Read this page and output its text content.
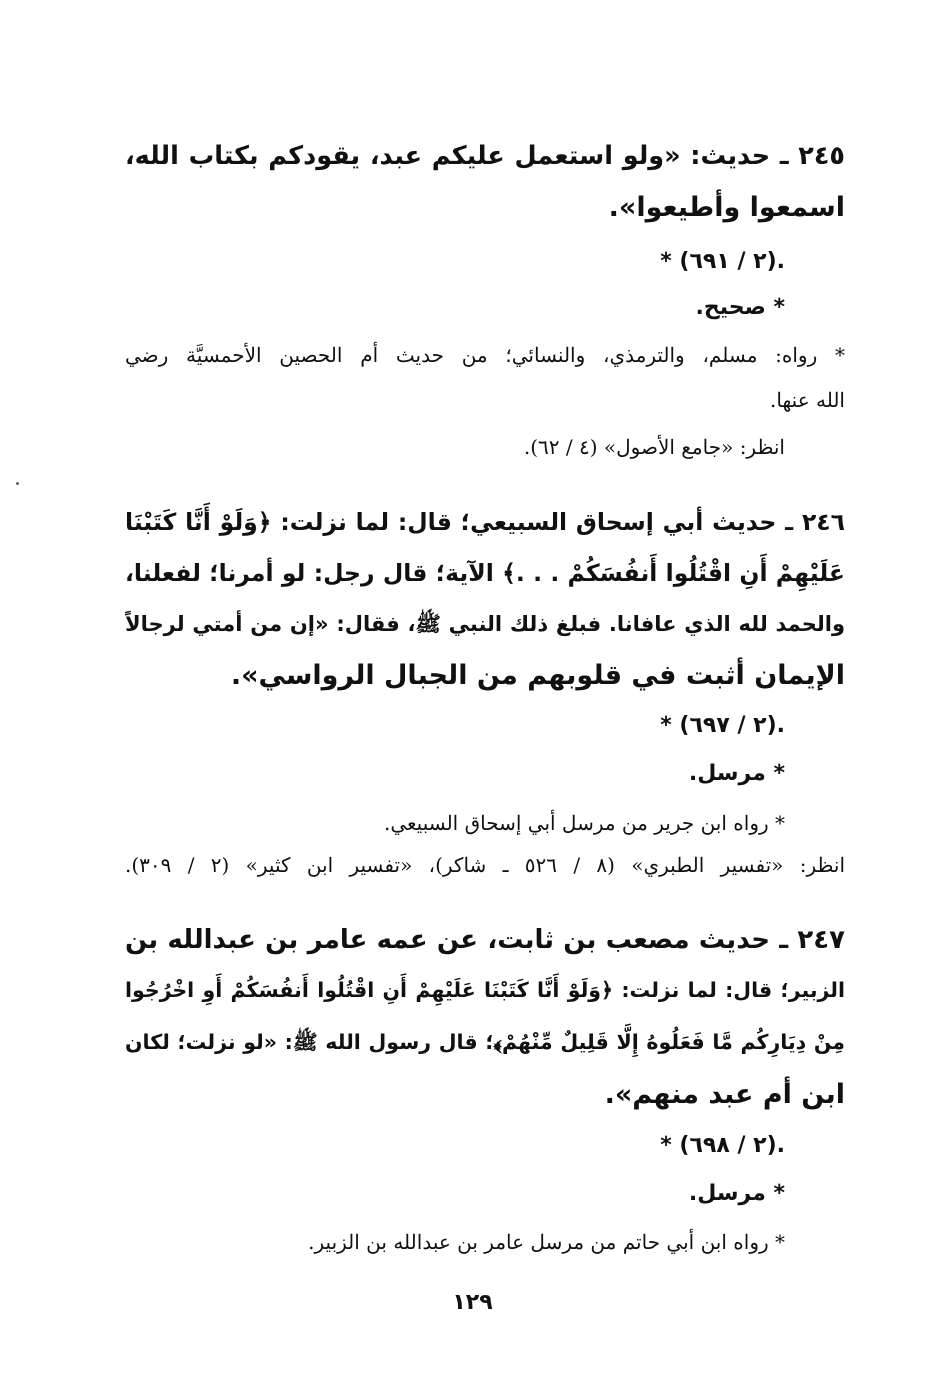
٢٤٥ ـ حديث: «ولو استعمل عليكم عبد، يقودكم بكتاب الله،
اسمعوا وأطيعوا».
* (٢ / ٦٩١).
* صحيح.
* رواه: مسلم، والترمذي، والنسائي؛ من حديث أم الحصين الأحمسيَّة رضي
الله عنها.
انظر: «جامع الأصول» (٤ / ٦٢).
٢٤٦ ـ حديث أبي إسحاق السبيعي؛ قال: لما نزلت: ﴿وَلَوْ أَنَّا كَتَبْنَا
عَلَيْهِمْ أَنِ اقْتُلُوا أَنفُسَكُمْ . . .﴾ الآية؛ قال رجل: لو أمرنا؛ لفعلنا،
والحمد لله الذي عافانا. فبلغ ذلك النبي ﷺ، فقال: «إن من أمتي لرجالاً
الإيمان أثبت في قلوبهم من الجبال الرواسي».
* (٢ / ٦٩٧).
* مرسل.
* رواه ابن جرير من مرسل أبي إسحاق السبيعي.
انظر: «تفسير الطبري» (٨ / ٥٢٦ ـ شاكر)، «تفسير ابن كثير» (٢ / ٣٠٩).
٢٤٧ ـ حديث مصعب بن ثابت، عن عمه عامر بن عبدالله بن
الزبير؛ قال: لما نزلت: ﴿وَلَوْ أَنَّا كَتَبْنَا عَلَيْهِمْ أَنِ اقْتُلُوا أَنفُسَكُمْ أَوِ اخْرُجُوا
مِنْ دِيَارِكُم مَّا فَعَلُوهُ إِلَّا قَلِيلٌ مِّنْهُمْ﴾؛ قال رسول الله ﷺ: «لو نزلت؛ لكان
ابن أم عبد منهم».
* (٢ / ٦٩٨).
* مرسل.
* رواه ابن أبي حاتم من مرسل عامر بن عبدالله بن الزبير.
١٢٩
